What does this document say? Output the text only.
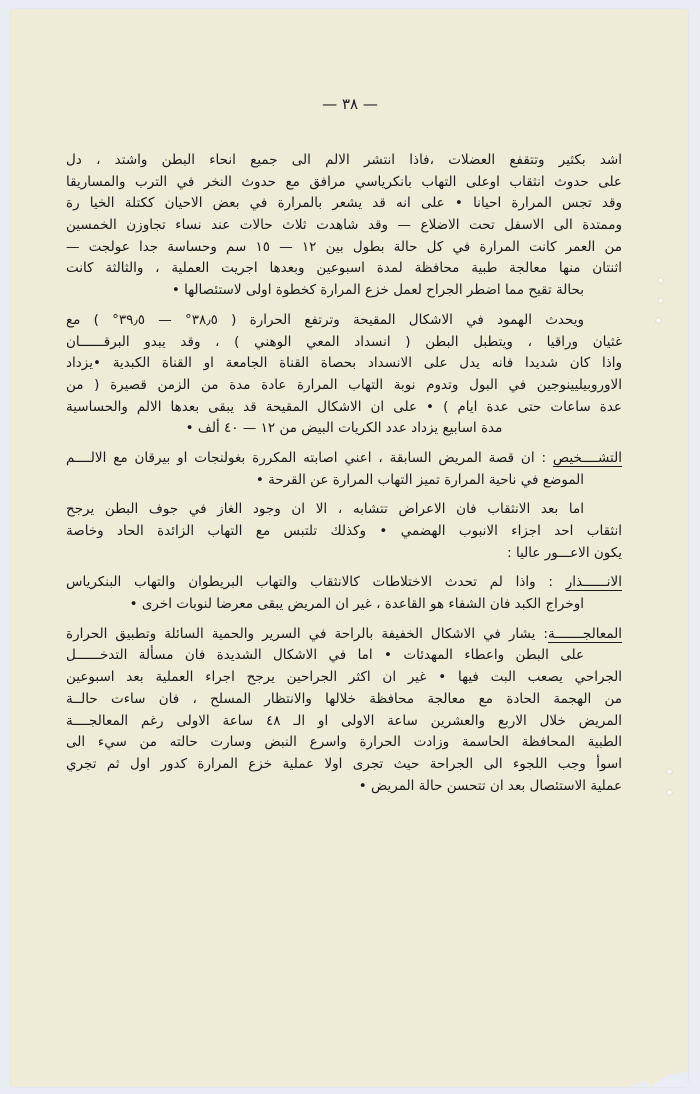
— ٣٨ —
اشد بكثير وتتقفع العضلات ،فاذا انتشر الالم الى جميع انحاء البطن واشتد ، دل
على حدوث انثقاب اوعلى التهاب بانكرياسي مرافق مع حدوث النخر في الترب والمساريقا
وقد تجس المرارة احيانا • على انه قد يشعر بالمرارة في بعض الاحيان ككتلة الخيا رة
وممتدة الى الاسفل تحت الاضلاع — وقد شاهدت ثلاث حالات عند نساء تجاوزن الخمسين
من العمر كانت المرارة في كل حالة بطول بين ١٢ — ١٥ سم وحساسة جدا عولجت —
اثنتان منها معالجة طبية محافظة لمدة اسبوعين وبعدها اجريت العملية ، والثالثة كانت
بحالة تقيح مما اضطر الجراح لعمل خزع المرارة كخطوة اولى لاستئصالها •
ويحدث الهمود في الاشكال المقيحة وترتفع الحرارة ( ٣٨٫٥° — ٣٩٫٥° ) مع
غثيان وراقيا ، ويتطبل البطن ( انسداد المعي الوهني ) ، وقد يبدو البرقــــــان
واذا كان شديدا فانه يدل على الانسداد بحصاة القناة الجامعة او القناة الكبدية •يزداد
الاوروبيليينوجين في البول وتدوم نوبة التهاب المرارة عادة مدة من الزمن قصيرة ( من
عدة ساعات حتى عدة ايام ) • على ان الاشكال المقيحة قد يبقى بعدها الالم والحساسية
مدة اسابيع يزداد عدد الكريات البيض من ١٢ — ٤٠ ألف •
التشــــخيص : ان قصة المريض السابقة ، اعني اصابته المكررة بغولنجات او بيرقان مع الالــــم
الموضع في ناحية المرارة تميز التهاب المرارة عن القرحة •
اما بعد الانثقاب فان الاعراض تتشابه ، الا ان وجود الغاز في جوف البطن يرجح
انثقاب احد اجزاء الانبوب الهضمي • وكذلك تلتبس مع التهاب الزائدة الحاد وخاصة
يكون الاعـــور عاليا :
الانــــــذار : واذا لم تحدث الاختلاطات كالانثقاب والتهاب البريطوان والتهاب البنكرياس
اوخراج الكبد فان الشفاء هو القاعدة ، غير ان المريض يبقى معرضا لنوبات اخرى •
المعالجـــــــة: يشار في الاشكال الخفيفة بالراحة في السرير والحمية السائلة وتطبيق الحرارة
على البطن واعطاء المهدئات • اما في الاشكال الشديدة فان مسألة التدخــــــل
الجراحي يصعب البت فيها • غير ان اكثر الجراحين يرجح اجراء العملية بعد اسبوعين
من الهجمة الحادة مع معالجة محافظة خلالها والانتظار المسلح ، فان ساءت حالــة
المريض خلال الاربع والعشرين ساعة الاولى او الـ ٤٨ ساعة الاولى رغم المعالجــــة
الطبية المحافظة الحاسمة وزادت الحرارة واسرع النبض وسارت حالته من سيء الى
اسوأ وجب اللجوء الى الجراحة حيث تجرى اولا عملية خزع المرارة كدور اول ثم تجري
عملية الاستئصال بعد ان تتحسن حالة المريض •
